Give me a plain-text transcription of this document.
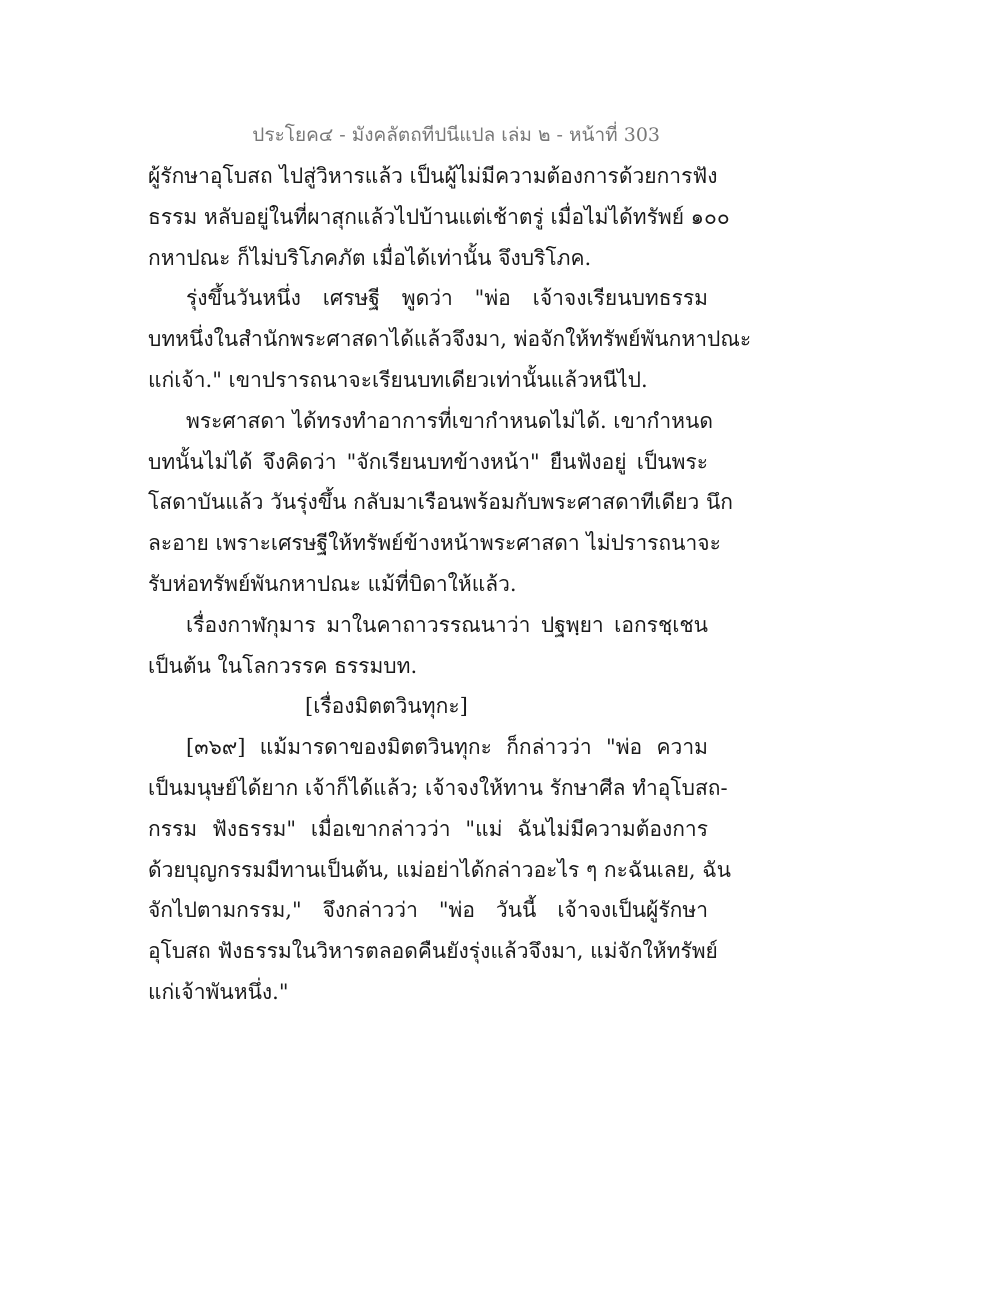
ประโยค๔ - มังคลัตถทีปนีแปล เล่ม ๒ - หน้าที่ 303
ผู้รักษาอุโบสถ ไปสู่วิหารแล้ว เป็นผู้ไม่มีความต้องการด้วยการฟัง
ธรรม หลับอยู่ในที่ผาสุกแล้วไปบ้านแต่เช้าตรู่ เมื่อไม่ได้ทรัพย์ ๑๐๐
กหาปณะ ก็ไม่บริโภคภัต เมื่อได้เท่านั้น จึงบริโภค.
รุ่งขึ้นวันหนึ่ง เศรษฐี พูดว่า "พ่อ เจ้าจงเรียนบทธรรม
บทหนึ่งในสำนักพระศาสดาได้แล้วจึงมา, พ่อจักให้ทรัพย์พันกหาปณะ
แก่เจ้า." เขาปรารถนาจะเรียนบทเดียวเท่านั้นแล้วหนีไป.
พระศาสดา ได้ทรงทำอาการที่เขากำหนดไม่ได้. เขากำหนด
บทนั้นไม่ได้ จึงคิดว่า "จักเรียนบทข้างหน้า" ยืนฟังอยู่ เป็นพระ
โสดาบันแล้ว วันรุ่งขึ้น กลับมาเรือนพร้อมกับพระศาสดาทีเดียว นึก
ละอาย เพราะเศรษฐีให้ทรัพย์ข้างหน้าพระศาสดา ไม่ปรารถนาจะ
รับห่อทรัพย์พันกหาปณะ แม้ที่บิดาให้แล้ว.
เรื่องกาฬกุมาร มาในคาถาวรรณนาว่า ปฐพฺยา เอกรชฺเชน
เป็นต้น ในโลกวรรค ธรรมบท.
[เรื่องมิตตวินทุกะ]
[๓๖๙] แม้มารดาของมิตตวินทุกะ ก็กล่าวว่า "พ่อ ความ
เป็นมนุษย์ได้ยาก เจ้าก็ได้แล้ว; เจ้าจงให้ทาน รักษาศีล ทำอุโบสถ-
กรรม ฟังธรรม" เมื่อเขากล่าวว่า "แม่ ฉันไม่มีความต้องการ
ด้วยบุญกรรมมีทานเป็นต้น, แม่อย่าได้กล่าวอะไร ๆ กะฉันเลย, ฉัน
จักไปตามกรรม," จึงกล่าวว่า "พ่อ วันนี้ เจ้าจงเป็นผู้รักษา
อุโบสถ ฟังธรรมในวิหารตลอดคืนยังรุ่งแล้วจึงมา, แม่จักให้ทรัพย์
แก่เจ้าพันหนึ่ง."
